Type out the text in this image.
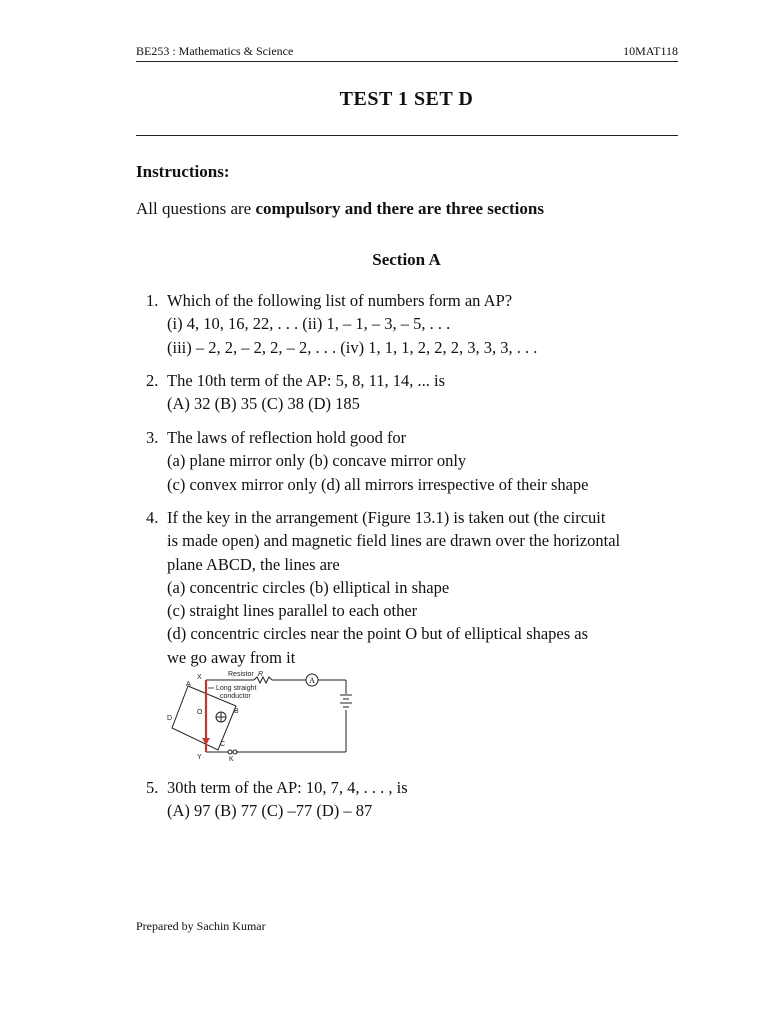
BE253 : Mathematics & Science	10MAT118
TEST 1 SET D
Instructions:
All questions are compulsory and there are three sections
Section A
1. Which of the following list of numbers form an AP?
(i) 4, 10, 16, 22, . . . (ii) 1, – 1, – 3, – 5, . . .
(iii) – 2, 2, – 2, 2, – 2, . . . (iv) 1, 1, 1, 2, 2, 2, 3, 3, 3, . . .
2. The 10th term of the AP: 5, 8, 11, 14, ... is
(A) 32 (B) 35 (C) 38 (D) 185
3. The laws of reflection hold good for
(a) plane mirror only (b) concave mirror only
(c) convex mirror only (d) all mirrors irrespective of their shape
4. If the key in the arrangement (Figure 13.1) is taken out (the circuit
is made open) and magnetic field lines are drawn over the horizontal
plane ABCD, the lines are
(a) concentric circles (b) elliptical in shape
(c) straight lines parallel to each other
(d) concentric circles near the point O but of elliptical shapes as
we go away from it
A
Resistor R
Long straight
conductor
A
B
C
D
O
X
Y	K
5. 30th term of the AP: 10, 7, 4, . . . , is
(A) 97 (B) 77 (C) –77 (D) – 87
Prepared by Sachin Kumar
